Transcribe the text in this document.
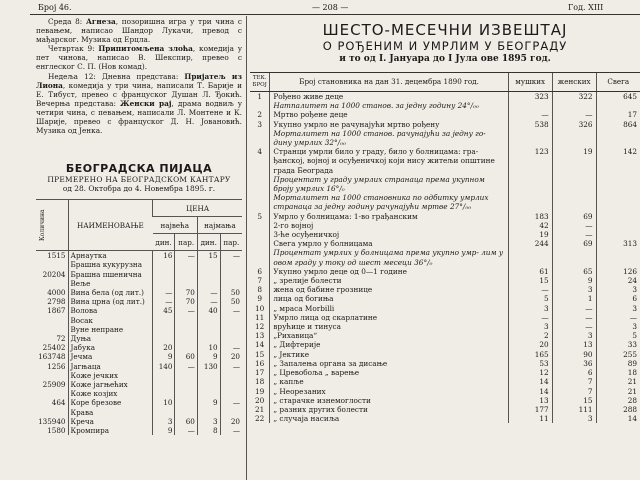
Број 46.	— 208 —	Год. XIII

Среда 8: Агнеза, позоришна игра у три чина с певањем, написао Шандор Лукачи, превод с мађарског. Музика од Ерцла.

Четвртак 9: Припитомљена злоћа, комедија у пет чинова, написао В. Шекспир, превео с енглеског С. П. (Нов комад).

Недеља 12: Дневна представа: Пријатељ из Лиона, комедија у три чина, написали Т. Барије и Е. Тибуст, превео с француског Душан Л. Ђокић. Вечерња представа: Женски рај, драма водвиљ у четири чина, с певањем, написали Л. Монтене и К. Шарије, превео с француског Д. Н. Јовановић. Музика од Јенка.

БЕОГРАДСКА ПИЈАЦА
ПРЕМЕРЕНО НА БЕОГРАДСКОМ КАНТАРУ
од 28. Октобра до 4. Новембра 1895. г.
Количина	НАИМЕНОВАЊЕ	ЦЕНА			
		највећа		најмања	
		дин.	пар.	дин.	пар.
1515	Арнаутка	16	—	15	—
	Брашна кукурузна				
20204	Брашна пшенична				
	Веље				
4000	Вина бела (од лит.)	—	70	—	50
2798	Вина црна (од лит.)	—	70	—	50
1867	Волова	45	—	40	—
	Восак				
	Вуне непране				
72	Дуња				
25402	Јабука	20		10	—
163748	Јечма	9	60	9	20
1256	Јагњаца	140	—	130	—
	Коже јечких				
25909	Коже јагњећих				
	Коже козјих				
464	Коре брезове	10		9	—
	Крава				
135940	Креча	3	60	3	20
1580	Кромпира	9	—	8	—
ШЕСТО-МЕСЕЧНИ ИЗВЕШТАЈ
О РОЂЕНИМ И УМРЛИМ У БЕОГРАДУ
и то од I. Јануара до I Јула ове 1895 год.
ТЕК. БРОЈ	Број становника на дан 31. децембра 1890 год.	мушких	женских	Свега

1	Рођено живе деце	323	322	645
	Натпалитет на 1000 станов. за једну годину 24°/₀₀			
2	Мртво рођене деце	—	—	17
3	Укупно умрло не рачунајући мртво рођену	538	326	864
	Морталитет на 1000 станов. рачунајући за једну го- дину умрлих 32°/₀₀			
4	Странци умрли било у граду, било у болницама: гра- ђанској, војној и осуђеничкој који нису житељи општине града Београда	123	19	142
	Процентат у граду умрлих странаца према укупном броју умрлих 16°/₀			
	Морталитет на 1000 становника по одбитку умрлих странаца за једну годину рачунајући мртве 27°/₀₀			
5	Умрло у болницама: 1-во грађанским	183	69	
	2-го војној	42	—	
	3-ће осуђеничкој	19	—	
	Свега умрло у болницама	244	69	313
	Процентат умрлих у болницама према укупно умр- лим у овом граду у току од шест месеци 36°/₀			
6	Укупно умрло деце од 0—1 године	61	65	126
7	„ зрелије болести	15	9	24
8	жена од бабине грознице	—	3	3
9	лица од богиња	5	1	6
10	„ мраса Morbilli	3	—	3
11	Умрло лица од скарлатине	—	—	—
12	врућице и тинуса	3	—	3
13	„Рихавица“	2	3	5
14	„ Дифтерије	20	13	33
15	„ Јектике	165	90	255
16	„ Запалења органа за дисање	53	36	89
17	„ Цревобоља „ варење	12	6	18
18	„ капље	14	7	21
19	„ Неорезаних	14	7	21
20	„ старачке изнемоглости	13	15	28
21	„ разних других болести	177	111	288
22	„ случаја насиља	11	3	14
